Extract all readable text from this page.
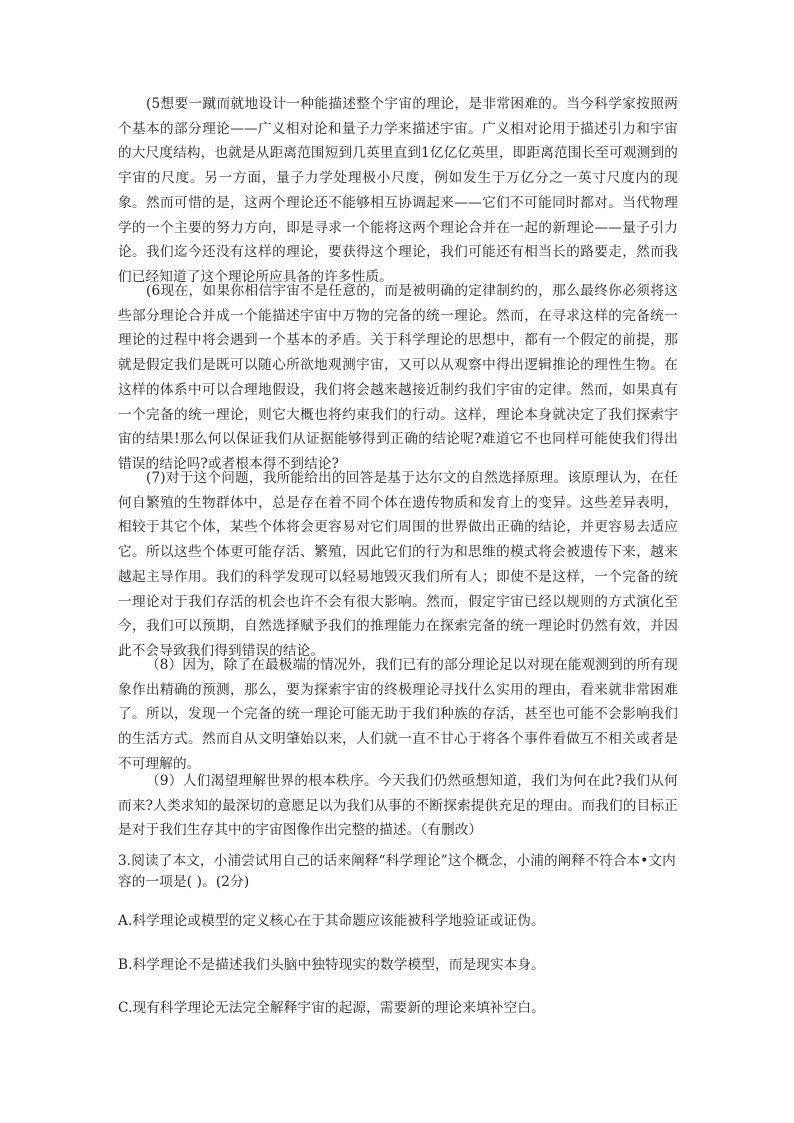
(5想要一蹴而就地设计一种能描述整个宇宙的理论，是非常困难的。当今科学家按照两个基本的部分理论——广义相对论和量子力学来描述宇宙。广义相对论用于描述引力和宇宙的大尺度结构，也就是从距离范围短到几英里直到1亿亿亿英里，即距离范围长至可观测到的宇宙的尺度。另一方面，量子力学处理极小尺度，例如发生于万亿分之一英寸尺度内的现象。然而可惜的是，这两个理论还不能够相互协调起来——它们不可能同时都对。当代物理学的一个主要的努力方向，即是寻求一个能将这两个理论合并在一起的新理论——量子引力论。我们迄今还没有这样的理论，要获得这个理论，我们可能还有相当长的路要走，然而我们已经知道了这个理论所应具备的许多性质。

(6现在，如果你相信宇宙不是任意的，而是被明确的定律制约的，那么最终你必须将这些部分理论合并成一个能描述宇宙中万物的完备的统一理论。然而，在寻求这样的完备统一理论的过程中将会遇到一个基本的矛盾。关于科学理论的思想中，都有一个假定的前提，那就是假定我们是既可以随心所欲地观测宇宙，又可以从观察中得出逻辑推论的理性生物。在这样的体系中可以合理地假设，我们将会越来越接近制约我们宇宙的定律。然而，如果真有一个完备的统一理论，则它大概也将约束我们的行动。这样，理论本身就决定了我们探索宇宙的结果!那么何以保证我们从证据能够得到正确的结论呢?难道它不也同样可能使我们得出错误的结论吗?或者根本得不到结论?

(7)对于这个问题，我所能给出的回答是基于达尔文的自然选择原理。该原理认为，在任何自繁殖的生物群体中，总是存在着不同个体在遗传物质和发育上的变异。这些差异表明，相较于其它个体，某些个体将会更容易对它们周围的世界做出正确的结论，并更容易去适应它。所以这些个体更可能存活、繁殖，因此它们的行为和思维的模式将会被遗传下来，越来越起主导作用。我们的科学发现可以轻易地毁灭我们所有人；即使不是这样，一个完备的统一理论对于我们存活的机会也许不会有很大影响。然而，假定宇宙已经以规则的方式演化至今，我们可以预期，自然选择赋予我们的推理能力在探索完备的统一理论时仍然有效，并因此不会导致我们得到错误的结论。

（8）因为，除了在最极端的情况外，我们已有的部分理论足以对现在能观测到的所有现象作出精确的预测，那么，要为探索宇宙的终极理论寻找什么实用的理由，看来就非常困难了。所以，发现一个完备的统一理论可能无助于我们种族的存活，甚至也可能不会影响我们的生活方式。然而自从文明肇始以来，人们就一直不甘心于将各个事件看做互不相关或者是不可理解的。

（9）人们渴望理解世界的根本秩序。今天我们仍然亟想知道，我们为何在此?我们从何而来?人类求知的最深切的意愿足以为我们从事的不断探索提供充足的理由。而我们的目标正是对于我们生存其中的宇宙图像作出完整的描述。（有删改）

3.阅读了本文，小浦尝试用自己的话来阐释“科学理论”这个概念，小浦的阐释不符合本•文内容的一项是( )。(2分)

A.科学理论或模型的定义核心在于其命题应该能被科学地验证或证伪。

B.科学理论不是描述我们头脑中独特现实的数学模型，而是现实本身。

C.现有科学理论无法完全解释宇宙的起源，需要新的理论来填补空白。
